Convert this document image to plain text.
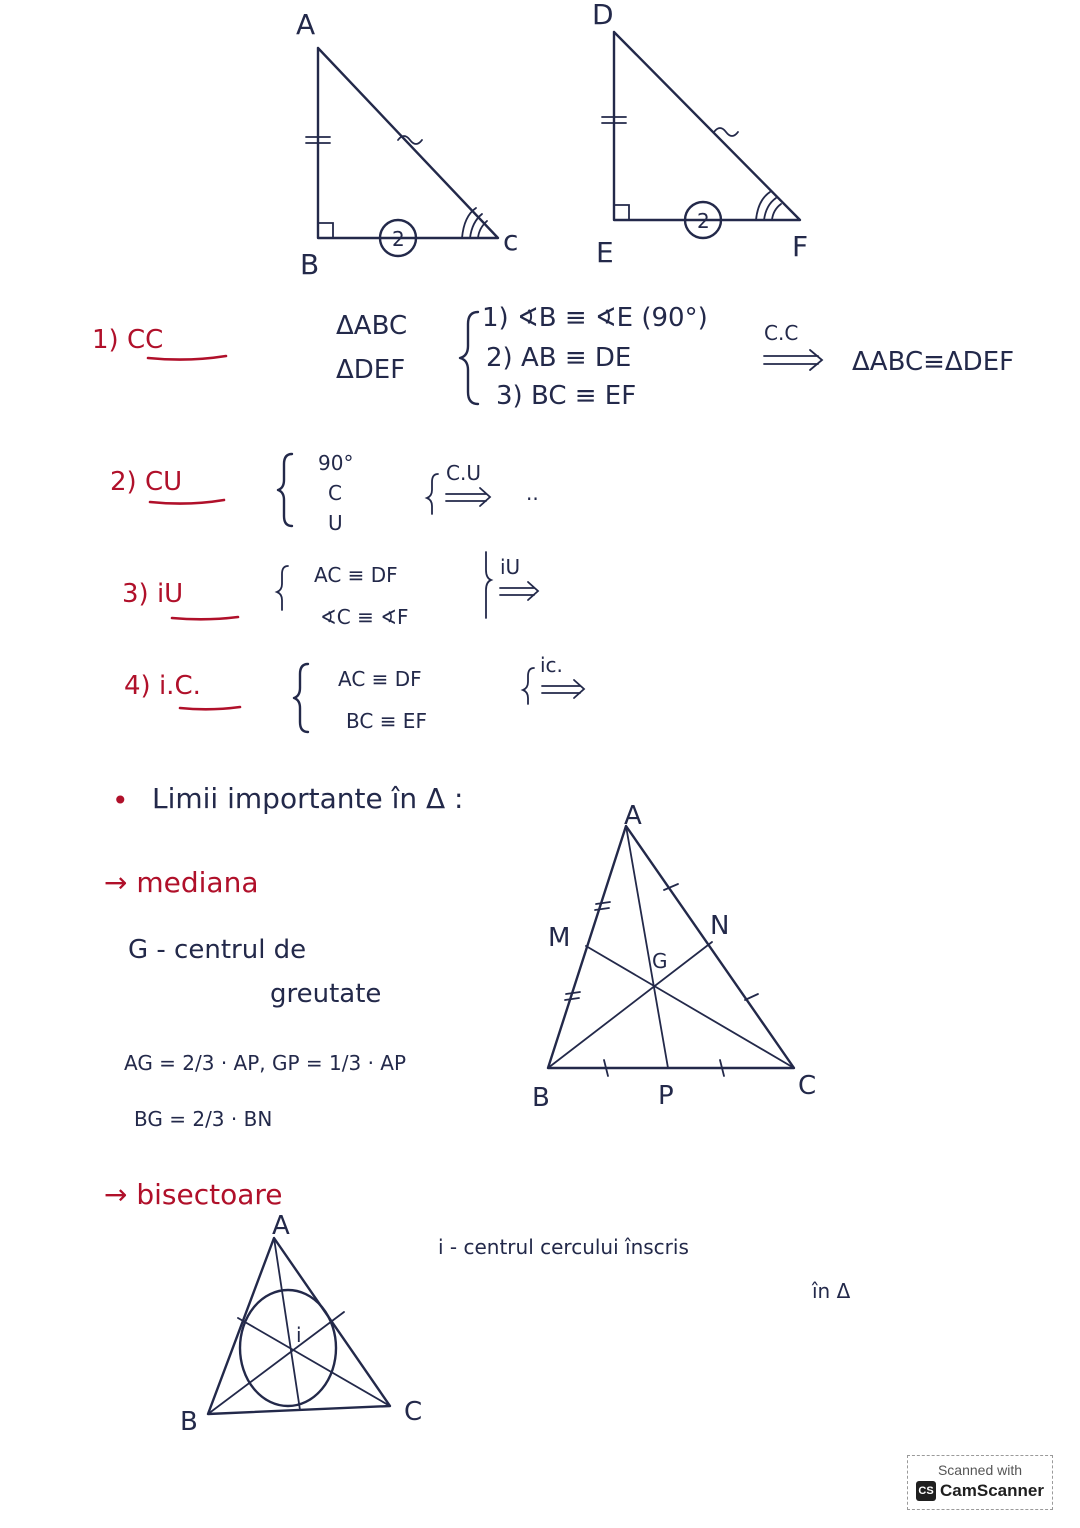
2
A
B
c
2
D
E	F
1) CC	ΔABC
ΔDEF
1) ∢B ≡ ∢E (90°)
2) AB ≡ DE
3) BC ≡ EF
C.C
ΔABC≡ΔDEF
2) CU
90°
C
U
C.U
..
3) iU
AC ≡ DF
∢C ≡ ∢F
iU
4) i.C.	AC ≡ DF
BC ≡ EF
ic.
• Limii importante în Δ :
→ mediana
G - centrul de
greutate
AG = 2/3 · AP, GP = 1/3 · AP
BG = 2/3 · BN
A
M	N
G
B	P	C
→ bisectoare
i - centrul cercului înscris
în Δ
A
i
B	C
Scanned with
CS CamScanner
